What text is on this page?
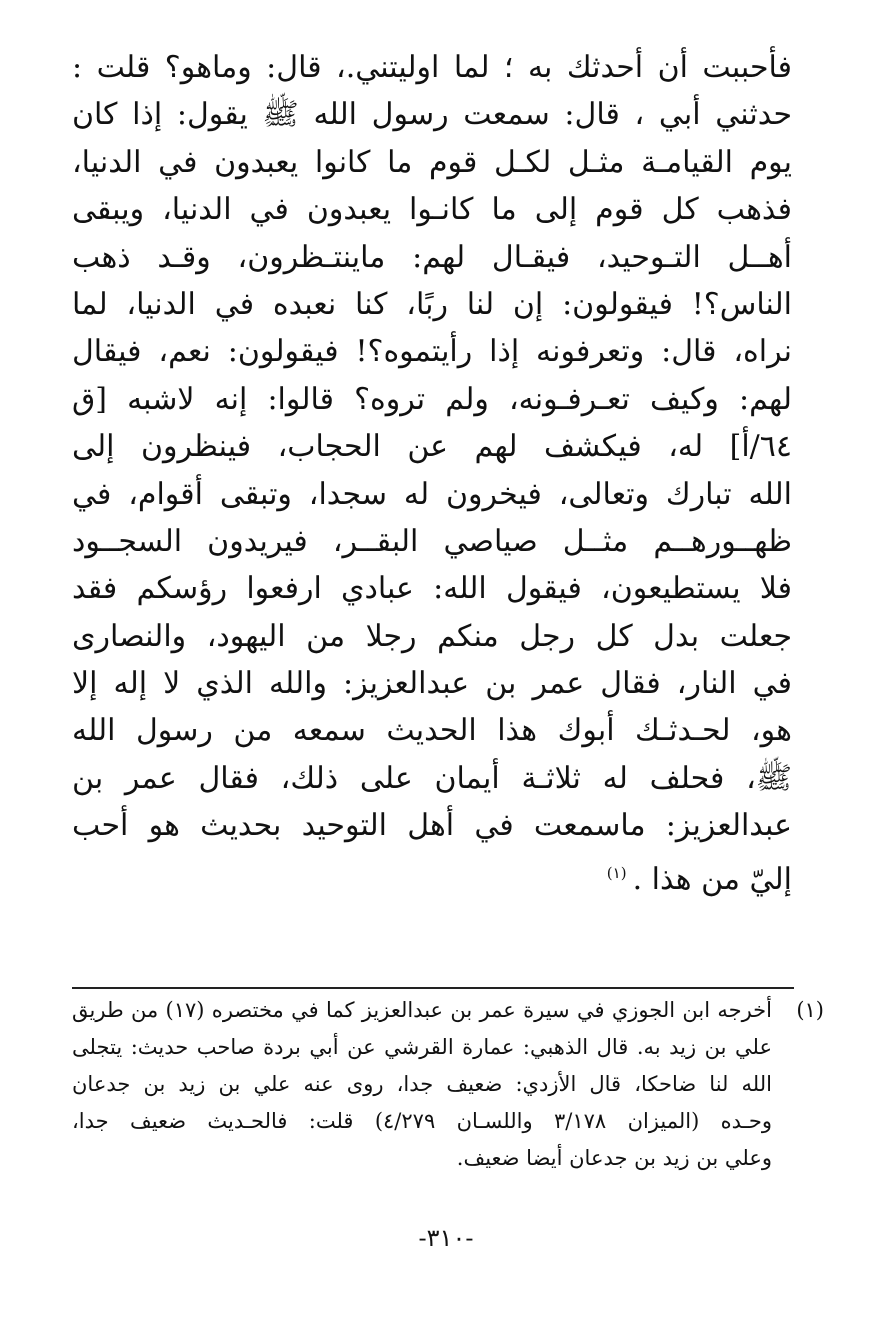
فأحببت أن أحدثك به ؛ لما اوليتني.، قال: وماهو؟ قلت :
حدثني أبي ، قال: سمعت رسول الله ﷺ يقول: إذا كان
يوم القيامـة مثـل لكـل قوم ما كانوا يعبدون في الدنيا،
فذهب كل قوم إلى ما كانـوا يعبدون في الدنيا، ويبقى
أهــل التـوحيد، فيقـال لهم: ماينتـظرون، وقـد ذهب
الناس؟! فيقولون: إن لنا ربًا، كنا نعبده في الدنيا، لما
نراه، قال: وتعرفونه إذا رأيتموه؟! فيقولون: نعم، فيقال
لهم: وكيف تعـرفـونه، ولم تروه؟ قالوا: إنه لاشبه [ق
٦٤/أ] له، فيكشف لهم عن الحجاب، فينظرون إلى
الله تبارك وتعالى، فيخرون له سجدا، وتبقى أقوام، في
ظهــورهــم مثــل صياصي البقــر، فيريدون السجــود
فلا يستطيعون، فيقول الله: عبادي ارفعوا رؤسكم فقد
جعلت بدل كل رجل منكم رجلا من اليهود، والنصارى
في النار، فقال عمر بن عبدالعزيز: والله الذي لا إله إلا
هو، لحـدثـك أبوك هذا الحديث سمعه من رسول الله
ﷺ، فحلف له ثلاثـة أيمان على ذلك، فقال عمر بن
عبدالعزيز: ماسمعت في أهل التوحيد بحديث هو أحب
إليّ من هذا .$^{(١)}$
(١)
أخرجه ابن الجوزي في سيرة عمر بن عبدالعزيز كما في مختصره (١٧) من طريق
علي بن زيد به. قال الذهبي: عمارة القرشي عن أبي بردة صاحب حديث: يتجلى
الله لنا ضاحكا، قال الأزدي: ضعيف جدا، روى عنه علي بن زيد بن جدعان
وحـده (الميزان ٣/١٧٨ واللسـان ٤/٢٧٩) قلت: فالحـديث ضعيف جدا،
وعلي بن زيد بن جدعان أيضا ضعيف.
-٣١٠-
